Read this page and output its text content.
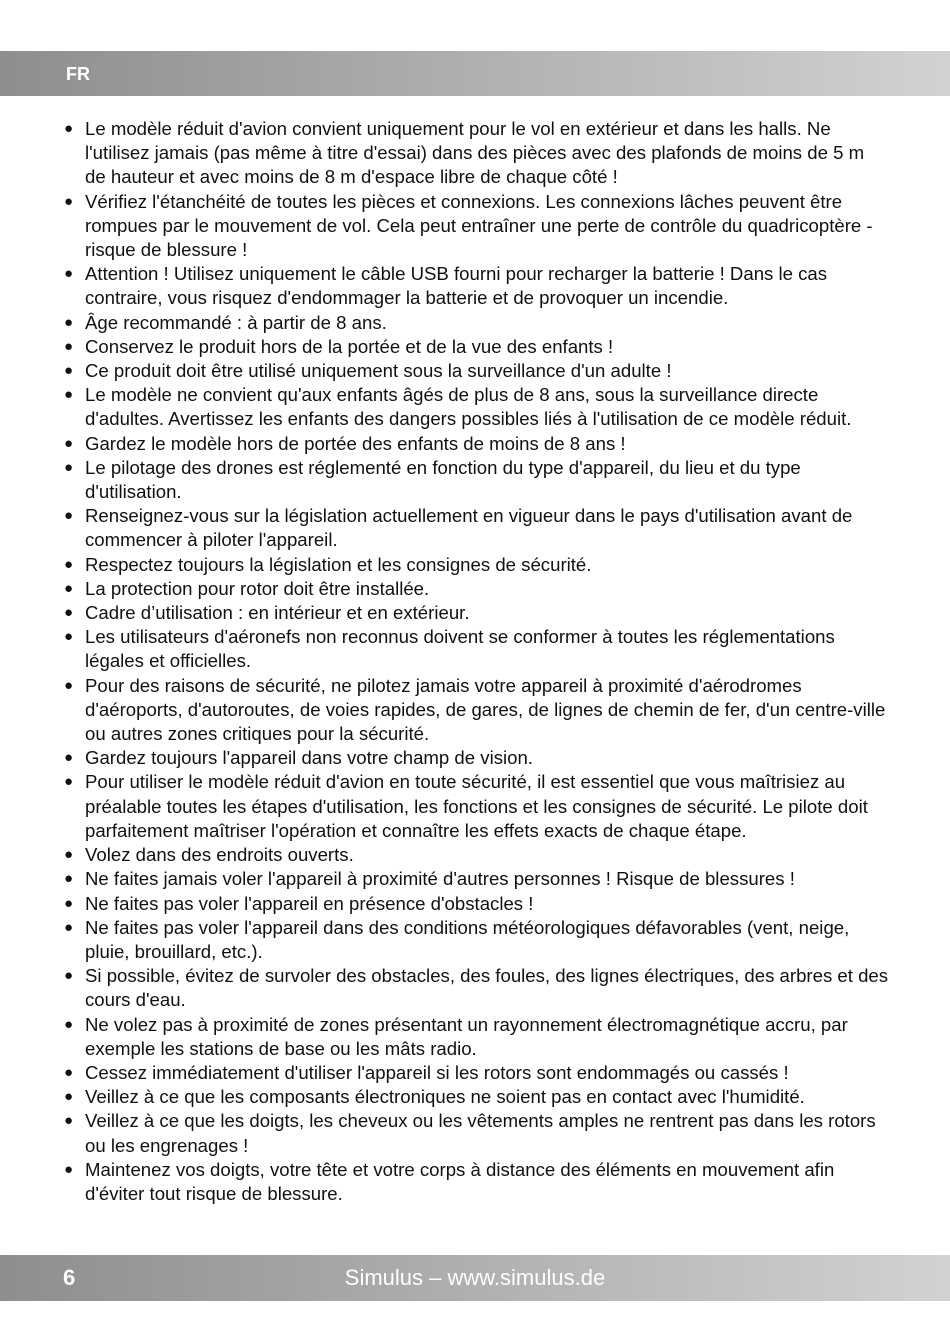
FR
● Le modèle réduit d'avion convient uniquement pour le vol en extérieur et dans les halls. Ne l'utilisez jamais (pas même à titre d'essai) dans des pièces avec des plafonds de moins de 5 m de hauteur et avec moins de 8 m d'espace libre de chaque côté !
● Vérifiez l'étanchéité de toutes les pièces et connexions. Les connexions lâches peuvent être rompues par le mouvement de vol. Cela peut entraîner une perte de contrôle du quadricoptère - risque de blessure !
● Attention ! Utilisez uniquement le câble USB fourni pour recharger la batterie ! Dans le cas contraire, vous risquez d'endommager la batterie et de provoquer un incendie.
● Âge recommandé : à partir de 8 ans.
● Conservez le produit hors de la portée et de la vue des enfants !
● Ce produit doit être utilisé uniquement sous la surveillance d'un adulte !
● Le modèle ne convient qu'aux enfants âgés de plus de 8 ans, sous la surveillance directe d'adultes. Avertissez les enfants des dangers possibles liés à l'utilisation de ce modèle réduit.
● Gardez le modèle hors de portée des enfants de moins de 8 ans !
● Le pilotage des drones est réglementé en fonction du type d'appareil, du lieu et du type d'utilisation.
● Renseignez-vous sur la législation actuellement en vigueur dans le pays d'utilisation avant de commencer à piloter l'appareil.
● Respectez toujours la législation et les consignes de sécurité.
● La protection pour rotor doit être installée.
● Cadre d’utilisation : en intérieur et en extérieur.
● Les utilisateurs d'aéronefs non reconnus doivent se conformer à toutes les réglementations légales et officielles.
● Pour des raisons de sécurité, ne pilotez jamais votre appareil à proximité d'aérodromes d'aéroports, d'autoroutes, de voies rapides, de gares, de lignes de chemin de fer, d'un centre-ville ou autres zones critiques pour la sécurité.
● Gardez toujours l'appareil dans votre champ de vision.
● Pour utiliser le modèle réduit d'avion en toute sécurité, il est essentiel que vous maîtrisiez au préalable toutes les étapes d'utilisation, les fonctions et les consignes de sécurité. Le pilote doit parfaitement maîtriser l'opération et connaître les effets exacts de chaque étape.
● Volez dans des endroits ouverts.
● Ne faites jamais voler l'appareil à proximité d'autres personnes ! Risque de blessures !
● Ne faites pas voler l'appareil en présence d'obstacles !
● Ne faites pas voler l'appareil dans des conditions météorologiques défavorables (vent, neige, pluie, brouillard, etc.).
● Si possible, évitez de survoler des obstacles, des foules, des lignes électriques, des arbres et des cours d'eau.
● Ne volez pas à proximité de zones présentant un rayonnement électromagnétique accru, par exemple les stations de base ou les mâts radio.
● Cessez immédiatement d'utiliser l'appareil si les rotors sont endommagés ou cassés !
● Veillez à ce que les composants électroniques ne soient pas en contact avec l'humidité.
● Veillez à ce que les doigts, les cheveux ou les vêtements amples ne rentrent pas dans les rotors ou les engrenages !
● Maintenez vos doigts, votre tête et votre corps à distance des éléments en mouvement afin d'éviter tout risque de blessure.
6	Simulus – www.simulus.de
